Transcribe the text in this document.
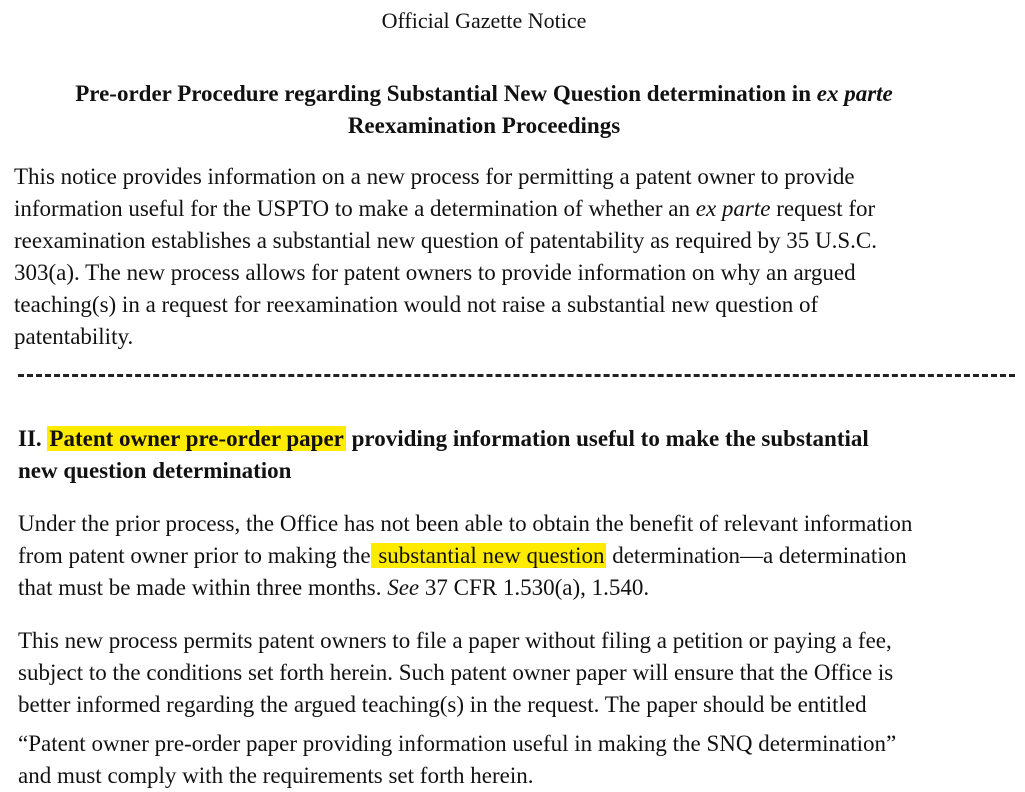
Official Gazette Notice
Pre-order Procedure regarding Substantial New Question determination in ex parte
Reexamination Proceedings

This notice provides information on a new process for permitting a patent owner to provide
information useful for the USPTO to make a determination of whether an ex parte request for
reexamination establishes a substantial new question of patentability as required by 35 U.S.C.
303(a). The new process allows for patent owners to provide information on why an argued
teaching(s) in a request for reexamination would not raise a substantial new question of
patentability.

II. Patent owner pre-order paper providing information useful to make the substantial
new question determination

Under the prior process, the Office has not been able to obtain the benefit of relevant information
from patent owner prior to making the substantial new question determination—a determination
that must be made within three months. See 37 CFR 1.530(a), 1.540.

This new process permits patent owners to file a paper without filing a petition or paying a fee,
subject to the conditions set forth herein. Such patent owner paper will ensure that the Office is
better informed regarding the argued teaching(s) in the request. The paper should be entitled
“Patent owner pre-order paper providing information useful in making the SNQ determination”
and must comply with the requirements set forth herein.
